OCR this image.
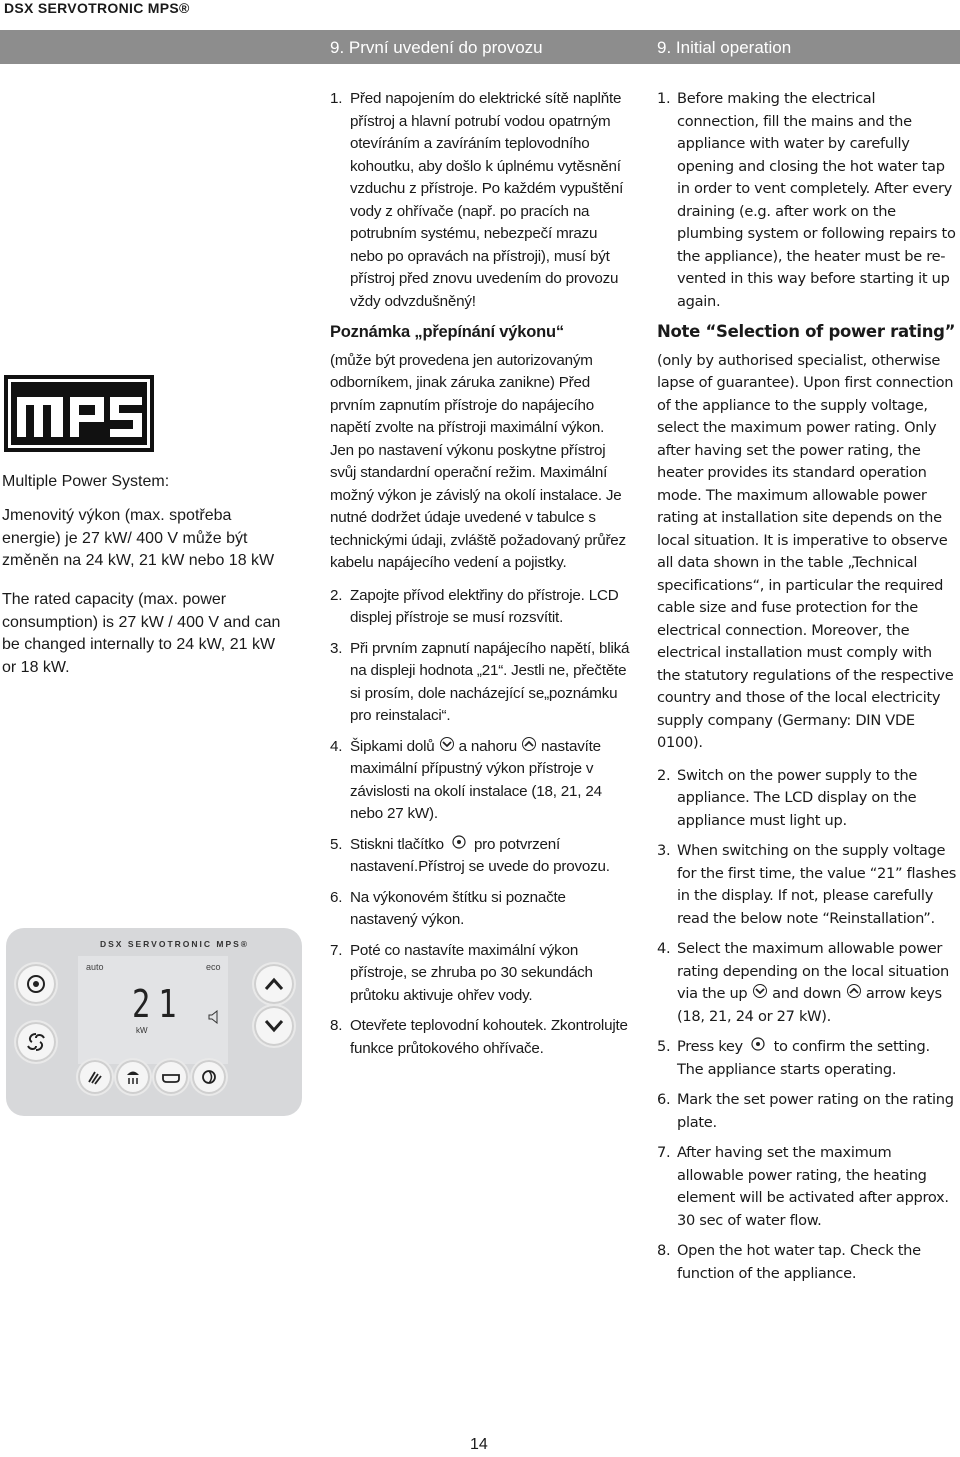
DSX SERVOTRONIC MPS®
9. První uvedení do provozu	9. Initial operation
Multiple Power System:
Jmenovitý výkon (max. spotřeba energie) je 27 kW/ 400 V může být změněn na 24 kW, 21 kW nebo 18 kW
The rated capacity (max. power consumption) is 27 kW / 400 V and can be changed internally to 24 kW, 21 kW or 18 kW.
DSX SERVOTRONIC MPS®
auto	eco
21
kW
1. Před napojením do elektrické sítě naplňte přístroj a hlavní potrubí vodou opatrným otevíráním a zavíráním teplovodního kohoutku, aby došlo k úplnému vytěsnění vzduchu z přístroje. Po každém vypuštění vody z ohřívače (např. po pracích na potrubním systému, nebezpečí mrazu nebo po opravách na přístroji), musí být přístroj před znovu uvedením do provozu vždy odvzdušněný!
Poznámka „přepínání výkonu“
(může být provedena jen autorizovaným odborníkem, jinak záruka zanikne) Před prvním zapnutím přístroje do napájecího napětí zvolte na přístroji maximální výkon. Jen po nastavení výkonu poskytne přístroj svůj standardní operační režim. Maximální možný výkon je závislý na okolí instalace. Je nutné dodržet údaje uvedené v tabulce s technickými údaji, zvláště požadovaný průřez kabelu napájecího vedení a pojistky.
2. Zapojte přívod elektřiny do přístroje. LCD displej přístroje se musí rozsvítit.
3. Při prvním zapnutí napájecího napětí, bliká na displeji hodnota „21“. Jestli ne, přečtěte si prosím, dole nacházející se„poznámku pro reinstalaci“.
4. Šipkami dolů a nahoru nastavíte maximální přípustný výkon přístroje v závislosti na okolí instalace (18, 21, 24 nebo 27 kW).
5. Stiskni tlačítko pro potvrzení nastavení.Přístroj se uvede do provozu.
6. Na výkonovém štítku si poznačte nastavený výkon.
7. Poté co nastavíte maximální výkon přístroje, se zhruba po 30 sekundách průtoku aktivuje ohřev vody.
8. Otevřete teplovodní kohoutek. Zkontrolujte funkce průtokového ohřívače.
1. Before making the electrical connection, fill the mains and the appliance with water by carefully opening and closing the hot water tap in order to vent completely. After every draining (e.g. after work on the plumbing system or following repairs to the appliance), the heater must be re-vented in this way before starting it up again.
Note “Selection of power rating”
(only by authorised specialist, otherwise lapse of guarantee). Upon first connection of the appliance to the supply voltage, select the maximum power rating. Only after having set the power rating, the heater provides its standard operation mode. The maximum allowable power rating at installation site depends on the local situation. It is imperative to observe all data shown in the table „Technical specifications“, in particular the required cable size and fuse protection for the electrical connection. Moreover, the electrical installation must comply with the statutory regulations of the respective country and those of the local electricity supply company (Germany: DIN VDE 0100).
2. Switch on the power supply to the appliance. The LCD display on the appliance must light up.
3. When switching on the supply voltage for the first time, the value “21” flashes in the display. If not, please carefully read the below note “Reinstallation”.
4. Select the maximum allowable power rating depending on the local situation via the up and down arrow keys (18, 21, 24 or 27 kW).
5. Press key to confirm the setting. The appliance starts operating.
6. Mark the set power rating on the rating plate.
7. After having set the maximum allowable power rating, the heating element will be activated after approx. 30 sec of water flow.
8. Open the hot water tap. Check the function of the appliance.
14
